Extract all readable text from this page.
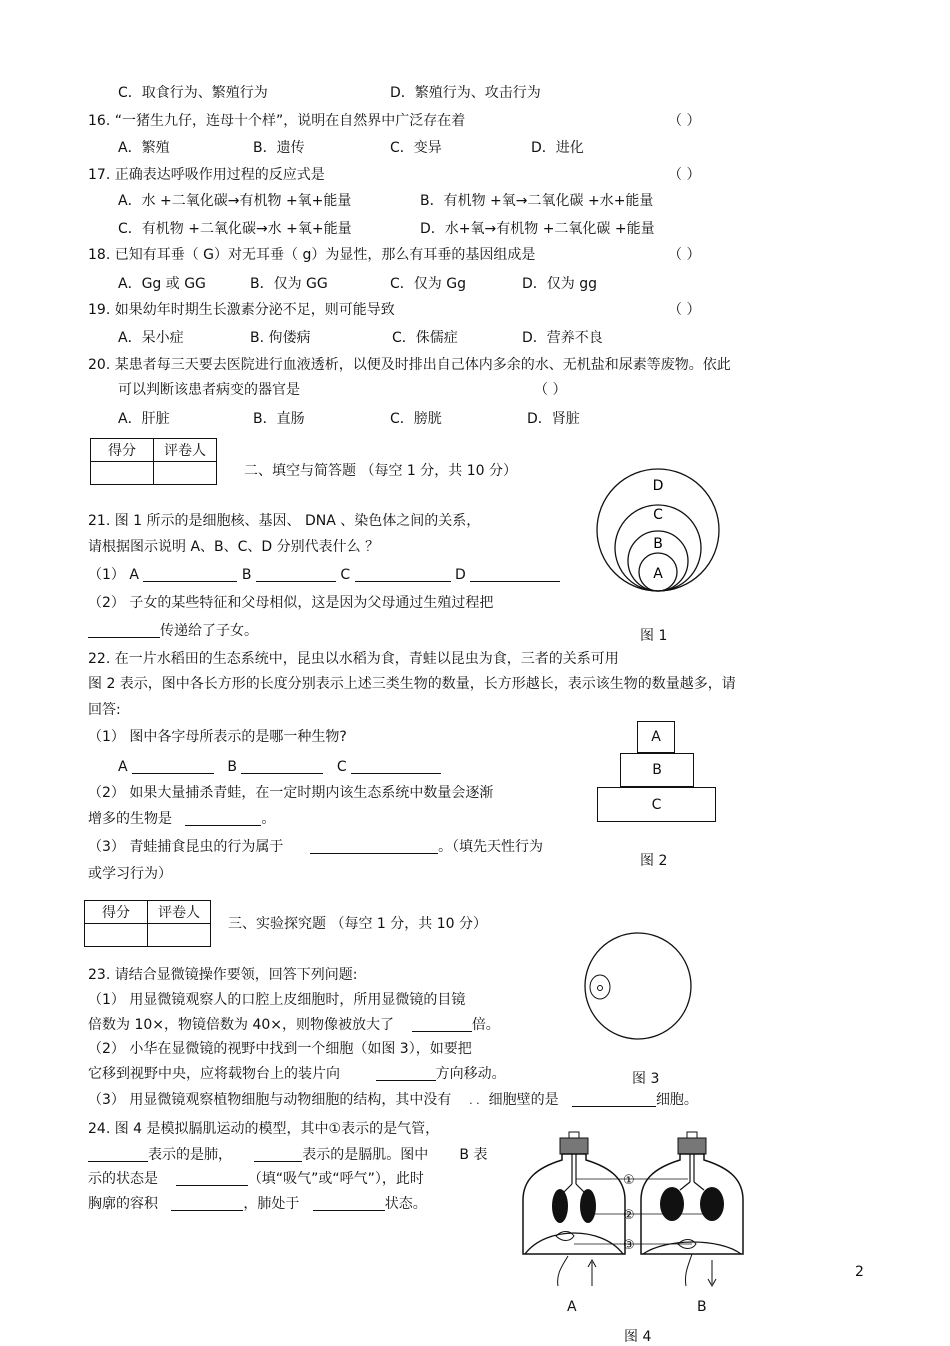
C．取食行为、繁殖行为	D．繁殖行为、攻击行为
16. “一猪生九仔，连母十个样”，说明在自然界中广泛存在着	（ ）
A．繁殖	B．遗传	C．变异	D．进化
17. 正确表达呼吸作用过程的反应式是	（ ）
A．水 +二氧化碳→有机物 +氧+能量	B．有机物 +氧→二氧化碳 +水+能量
C．有机物 +二氧化碳→水 +氧+能量	D．水+氧→有机物 +二氧化碳 +能量
18. 已知有耳垂（ G）对无耳垂（ g）为显性，那么有耳垂的基因组成是	（ ）
A．Gg 或 GG	B．仅为 GG	C．仅为 Gg	D．仅为 gg
19. 如果幼年时期生长激素分泌不足，则可能导致	（ ）
A．呆小症	B. 佝偻病	C．侏儒症	D．营养不良
20. 某患者每三天要去医院进行血液透析，以便及时排出自己体内多余的水、无机盐和尿素等废物。依此
可以判断该患者病变的器官是	（ ）
A．肝脏	B．直肠	C．膀胱	D．肾脏
得分	评卷人

二、填空与简答题 （每空 1 分，共 10 分）
D
C
B
A
图 1
21. 图 1 所示的是细胞核、基因、 DNA 、染色体之间的关系，
请根据图示说明 A、B、C、D 分别代表什么 ？
（1） A	B	C	D
（2） 子女的某些特征和父母相似，这是因为父母通过生殖过程把
传递给了子女。
22. 在一片水稻田的生态系统中，昆虫以水稻为食，青蛙以昆虫为食，三者的关系可用
图 2 表示，图中各长方形的长度分别表示上述三类生物的数量，长方形越长，表示该生物的数量越多，请
回答:
（1） 图中各字母所表示的是哪一种生物?
A	B	C
（2） 如果大量捕杀青蛙，在一定时期内该生态系统中数量会逐渐
增多的生物是	。
（3） 青蛙捕食昆虫的行为属于	。（填先天性行为
或学习行为）
A
B
C
图 2
得分	评卷人

三、实验探究题 （每空 1 分，共 10 分）
图 3
23. 请结合显微镜操作要领，回答下列问题:
（1） 用显微镜观察人的口腔上皮细胞时，所用显微镜的目镜
倍数为 10×，物镜倍数为 40×，则物像被放大了	倍。
（2） 小华在显微镜的视野中找到一个细胞（如图 3），如要把
它移到视野中央，应将载物台上的装片向	方向移动。
（3） 用显微镜观察植物细胞与动物细胞的结构，其中没有 . . 细胞壁的是	细胞。
24. 图 4 是模拟膈肌运动的模型，其中①表示的是气管，
表示的是肺，	表示的是膈肌。图中 B 表
示的状态是	（填“吸气”或“呼气”），此时
胸廓的容积	，肺处于	状态。
①
②
③
A	B
图 4
2
